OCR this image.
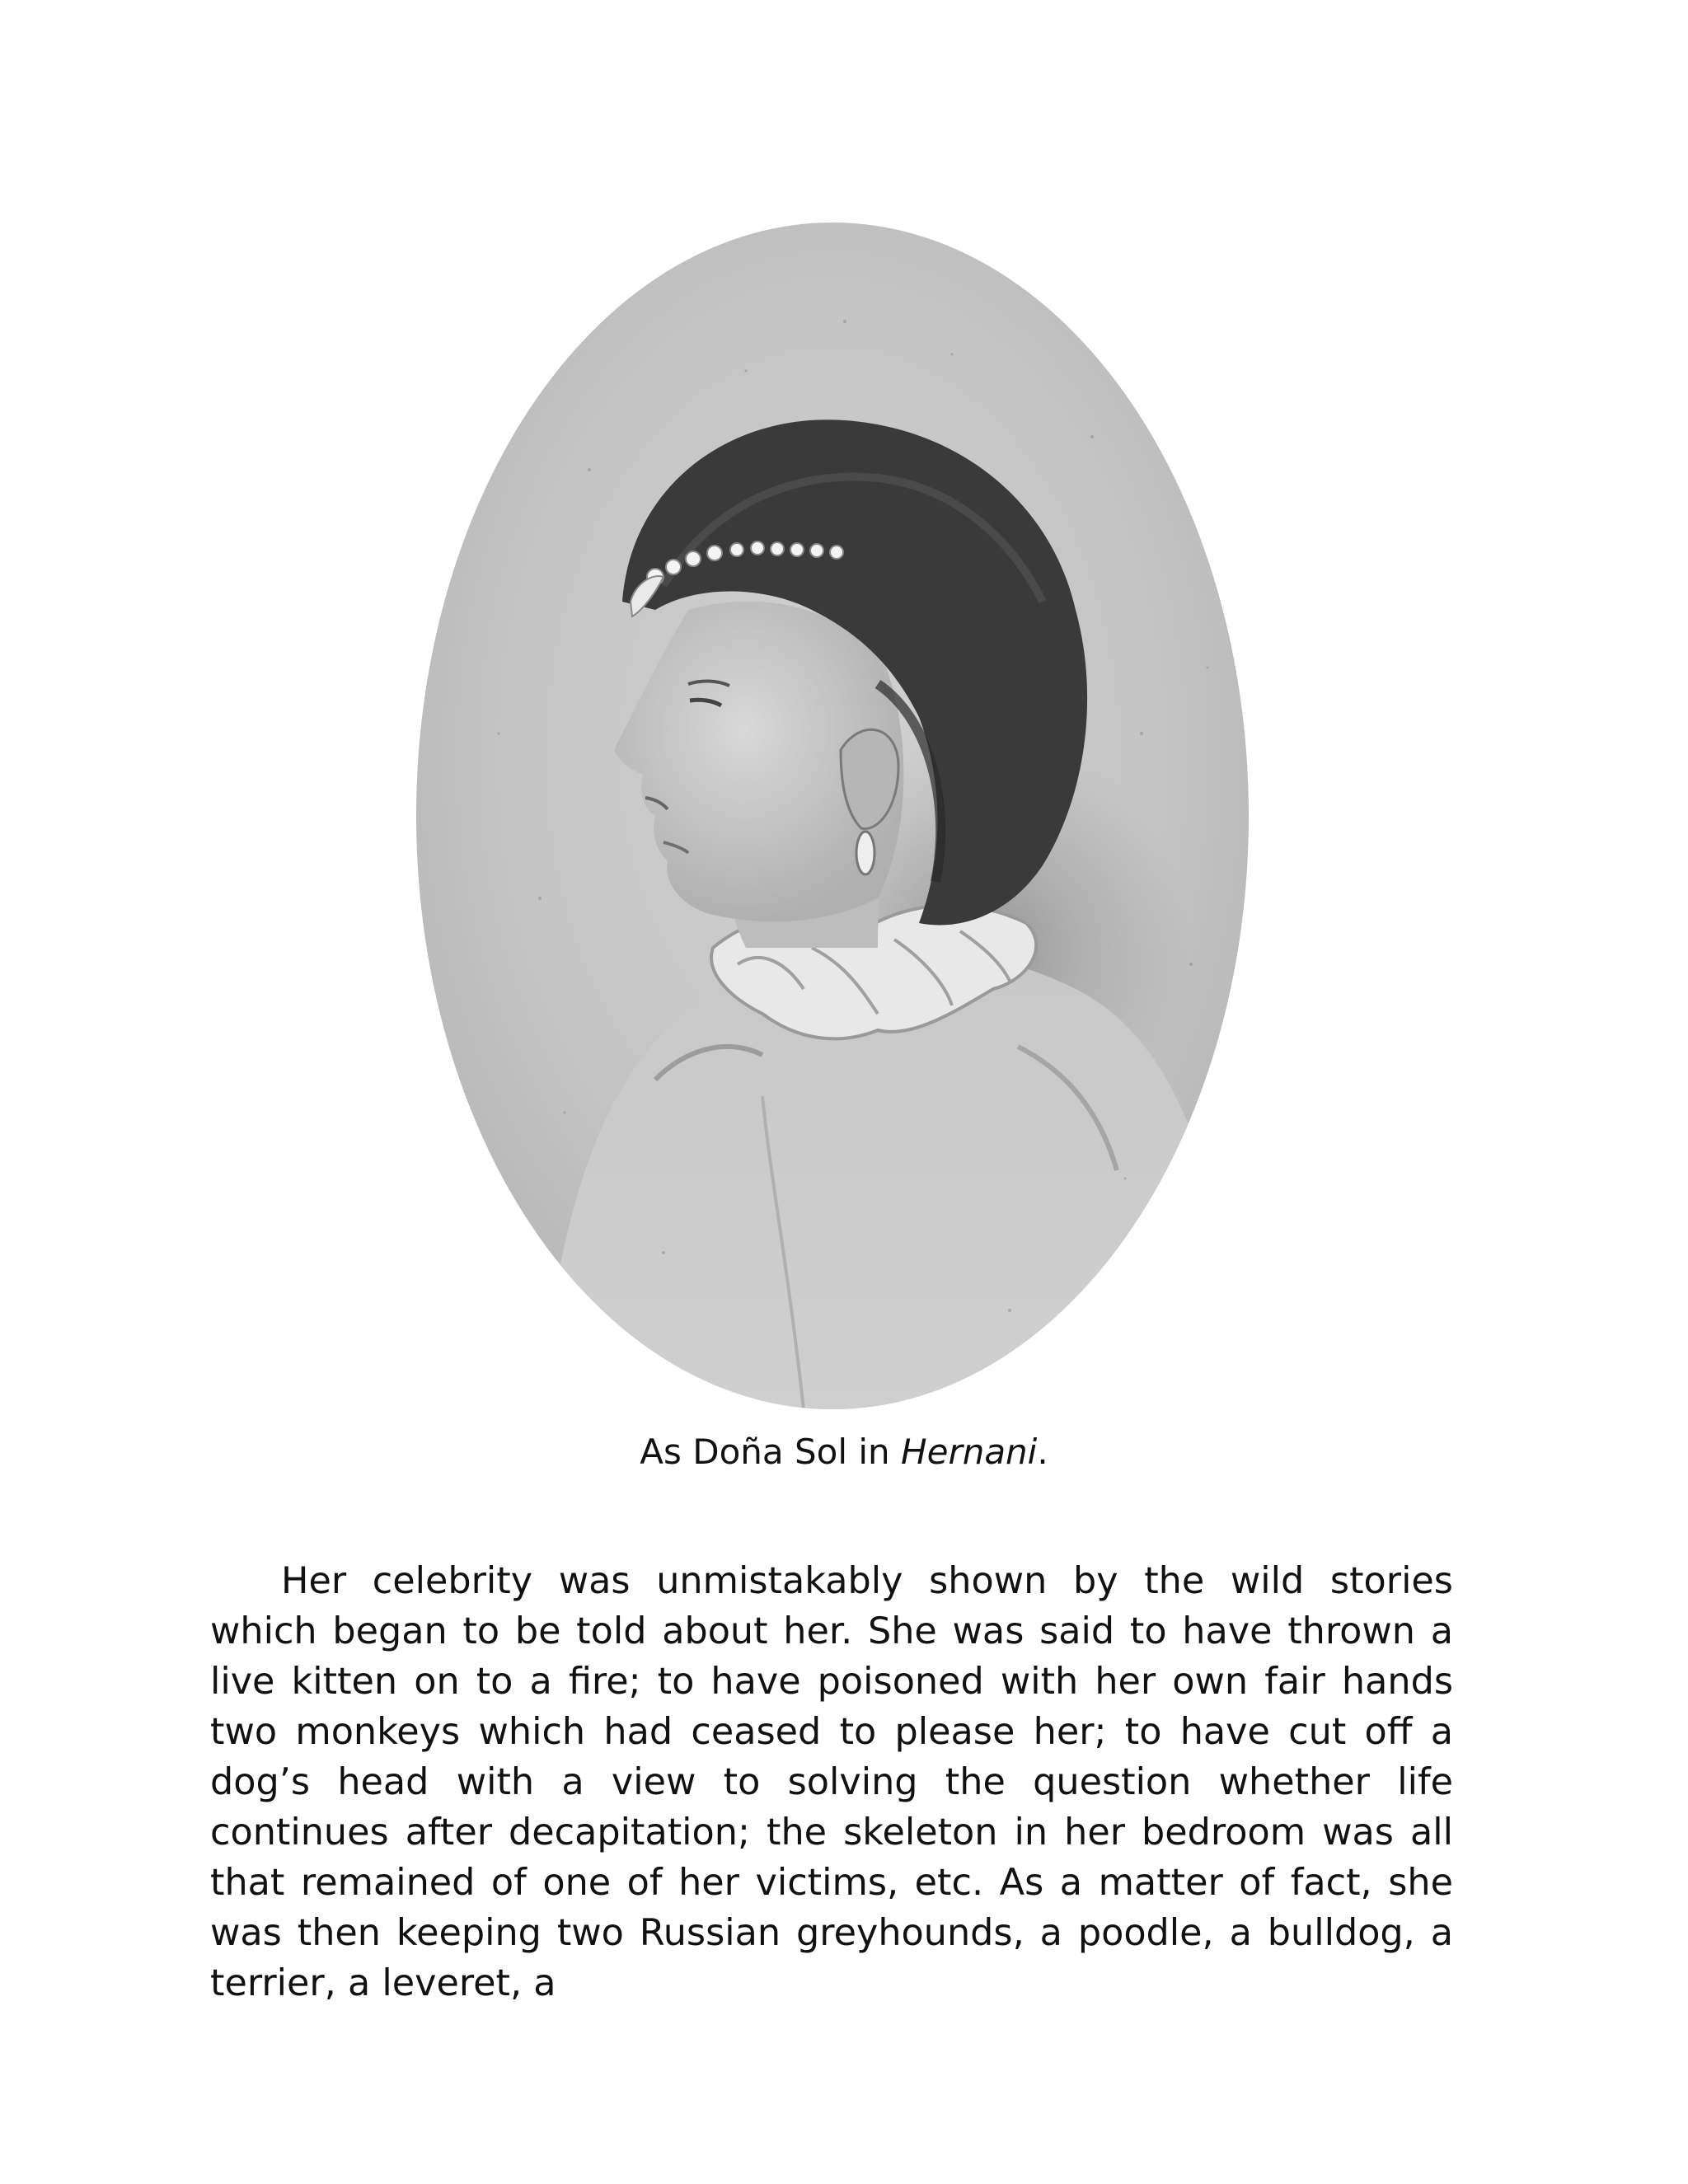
As Doña Sol in Hernani.

Her celebrity was unmistakably shown by the wild stories which began to be told about her. She was said to have thrown a live kitten on to a fire; to have poisoned with her own fair hands two monkeys which had ceased to please her; to have cut off a dog’s head with a view to solving the question whether life continues after decapitation; the skeleton in her bedroom was all that remained of one of her victims, etc. As a matter of fact, she was then keeping two Russian greyhounds, a poodle, a bulldog, a terrier, a leveret, a
